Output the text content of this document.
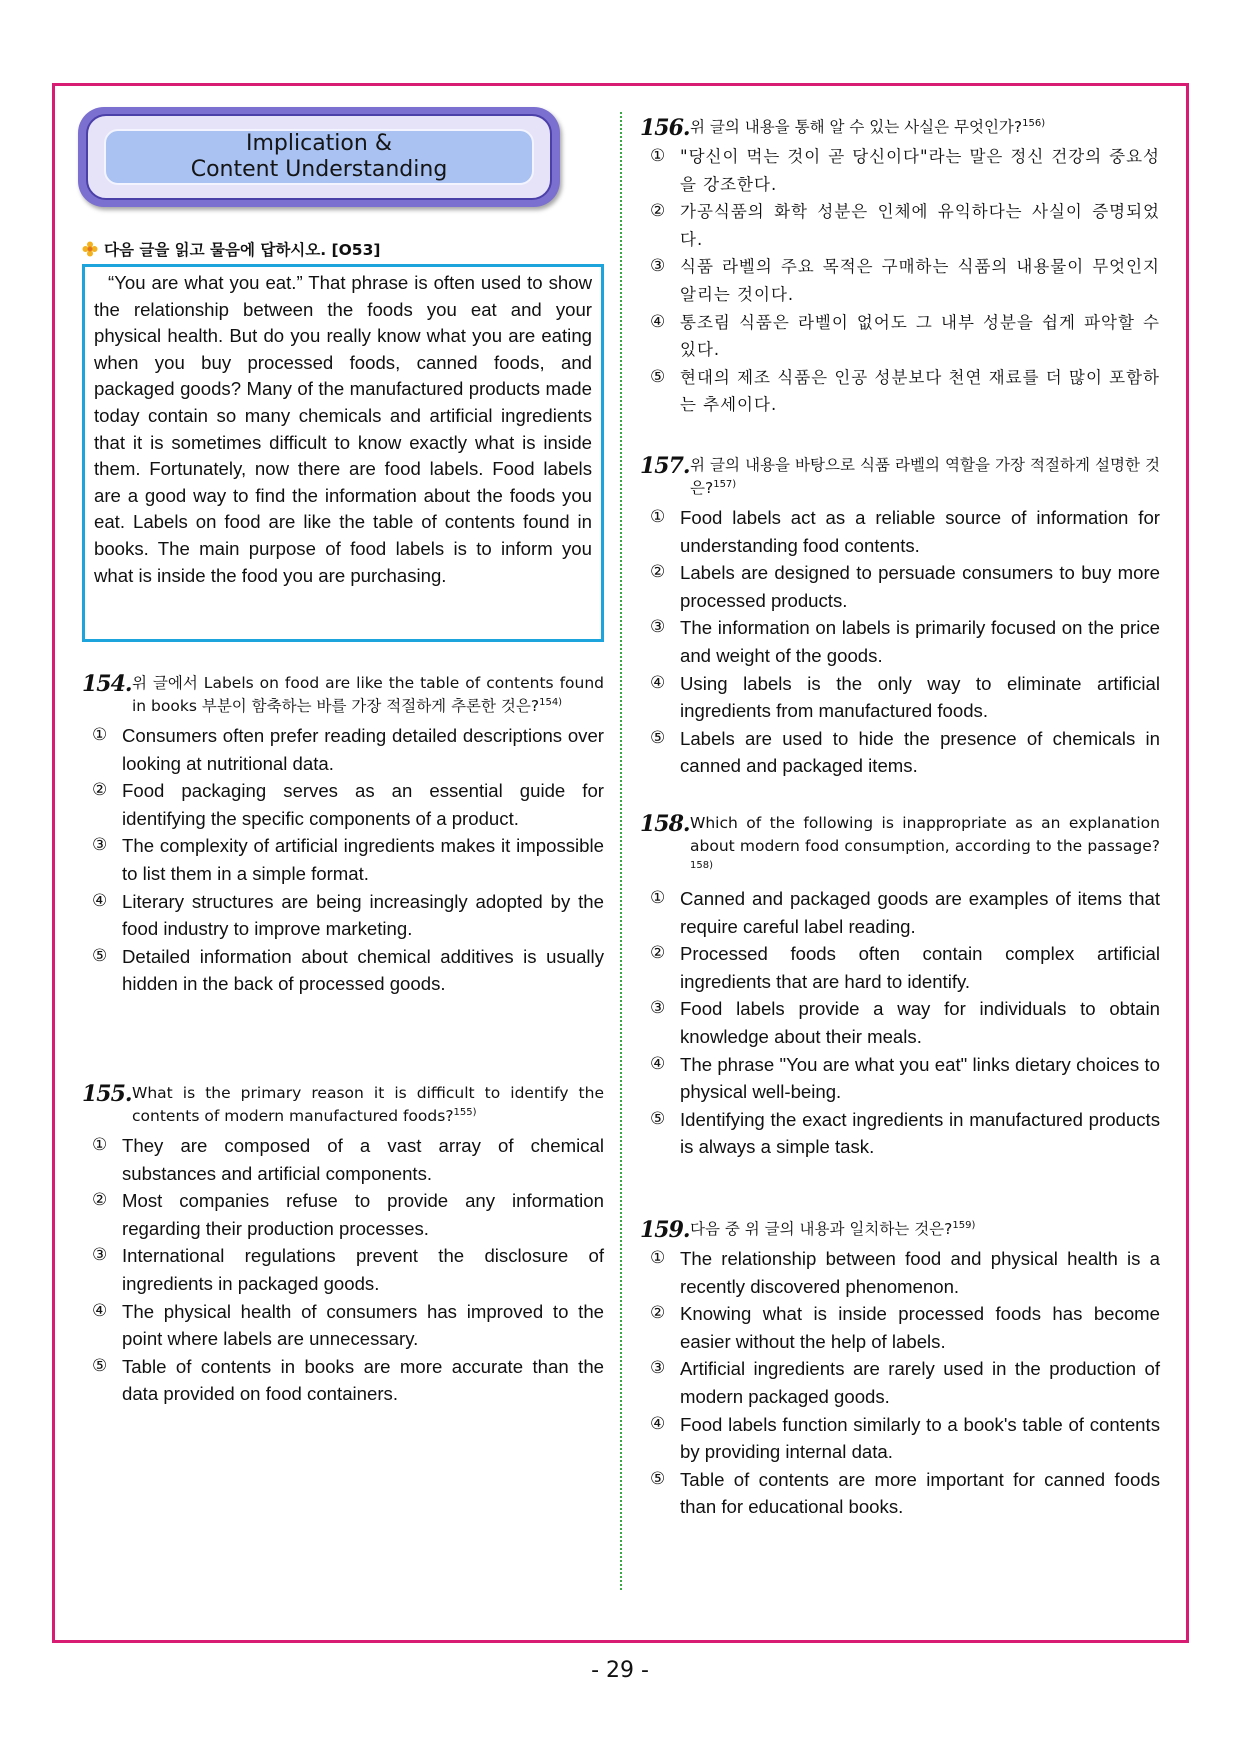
Implication &
Content Understanding
다음 글을 읽고 물음에 답하시오. [O53]

“You are what you eat.” That phrase is often used to show the relationship between the foods you eat and your physical health. But do you really know what you are eating when you buy processed foods, canned foods, and packaged goods? Many of the manufactured products made today contain so many chemicals and artificial ingredients that it is sometimes difficult to know exactly what is inside them. Fortunately, now there are food labels. Food labels are a good way to find the information about the foods you eat. Labels on food are like the table of contents found in books. The main purpose of food labels is to inform you what is inside the food you are purchasing.

154. 위 글에서 Labels on food are like the table of contents found in books 부분이 함축하는 바를 가장 적절하게 추론한 것은?$^{154)}$
① Consumers often prefer reading detailed descriptions over looking at nutritional data.
② Food packaging serves as an essential guide for identifying the specific components of a product.
③ The complexity of artificial ingredients makes it impossible to list them in a simple format.
④ Literary structures are being increasingly adopted by the food industry to improve marketing.
⑤ Detailed information about chemical additives is usually hidden in the back of processed goods.
155. What is the primary reason it is difficult to identify the contents of modern manufactured foods?$^{155)}$
① They are composed of a vast array of chemical substances and artificial components.
② Most companies refuse to provide any information regarding their production processes.
③ International regulations prevent the disclosure of ingredients in packaged goods.
④ The physical health of consumers has improved to the point where labels are unnecessary.
⑤ Table of contents in books are more accurate than the data provided on food containers.
156. 위 글의 내용을 통해 알 수 있는 사실은 무엇인가?$^{156)}$
① "당신이 먹는 것이 곧 당신이다"라는 말은 정신 건강의 중요성을 강조한다.
② 가공식품의 화학 성분은 인체에 유익하다는 사실이 증명되었다.
③ 식품 라벨의 주요 목적은 구매하는 식품의 내용물이 무엇인지 알리는 것이다.
④ 통조림 식품은 라벨이 없어도 그 내부 성분을 쉽게 파악할 수 있다.
⑤ 현대의 제조 식품은 인공 성분보다 천연 재료를 더 많이 포함하는 추세이다.
157. 위 글의 내용을 바탕으로 식품 라벨의 역할을 가장 적절하게 설명한 것은?$^{157)}$
① Food labels act as a reliable source of information for understanding food contents.
② Labels are designed to persuade consumers to buy more processed products.
③ The information on labels is primarily focused on the price and weight of the goods.
④ Using labels is the only way to eliminate artificial ingredients from manufactured foods.
⑤ Labels are used to hide the presence of chemicals in canned and packaged items.
158. Which of the following is inappropriate as an explanation about modern food consumption, according to the passage?$^{158)}$
① Canned and packaged goods are examples of items that require careful label reading.
② Processed foods often contain complex artificial ingredients that are hard to identify.
③ Food labels provide a way for individuals to obtain knowledge about their meals.
④ The phrase "You are what you eat" links dietary choices to physical well-being.
⑤ Identifying the exact ingredients in manufactured products is always a simple task.
159. 다음 중 위 글의 내용과 일치하는 것은?$^{159)}$
① The relationship between food and physical health is a recently discovered phenomenon.
② Knowing what is inside processed foods has become easier without the help of labels.
③ Artificial ingredients are rarely used in the production of modern packaged goods.
④ Food labels function similarly to a book's table of contents by providing internal data.
⑤ Table of contents are more important for canned foods than for educational books.
- 29 -
